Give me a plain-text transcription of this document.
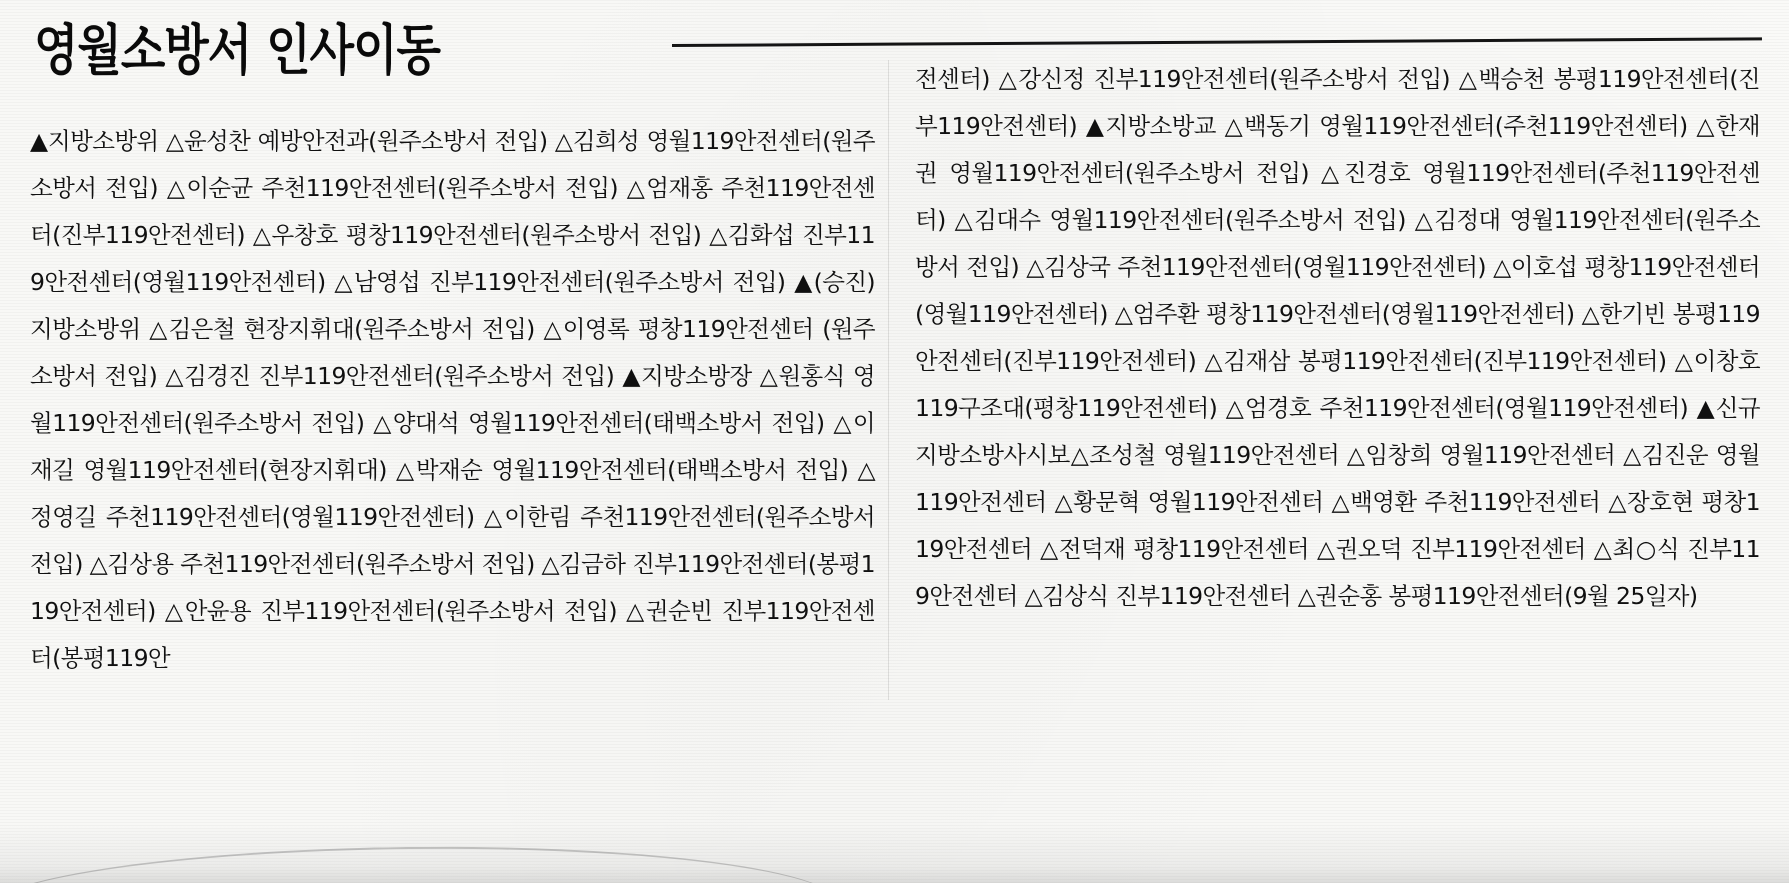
영월소방서 인사이동
▲지방소방위 △윤성찬 예방안전과(원주소방서 전입) △김희성 영월119안전센터(원주소방서 전입) △이순균 주천119안전센터(원주소방서 전입) △엄재홍 주천119안전센터(진부119안전센터) △우창호 평창119안전센터(원주소방서 전입) △김화섭 진부119안전센터(영월119안전센터) △남영섭 진부119안전센터(원주소방서 전입) ▲(승진)지방소방위 △김은철 현장지휘대(원주소방서 전입) △이영록 평창119안전센터 (원주소방서 전입) △김경진 진부119안전센터(원주소방서 전입) ▲지방소방장 △원홍식 영월119안전센터(원주소방서 전입) △양대석 영월119안전센터(태백소방서 전입) △이재길 영월119안전센터(현장지휘대) △박재순 영월119안전센터(태백소방서 전입) △정영길 주천119안전센터(영월119안전센터) △이한림 주천119안전센터(원주소방서 전입) △김상용 주천119안전센터(원주소방서 전입) △김금하 진부119안전센터(봉평119안전센터) △안윤용 진부119안전센터(원주소방서 전입) △권순빈 진부119안전센터(봉평119안
전센터) △강신정 진부119안전센터(원주소방서 전입) △백승천 봉평119안전센터(진부119안전센터) ▲지방소방교 △백동기 영월119안전센터(주천119안전센터) △한재권 영월119안전센터(원주소방서 전입) △진경호 영월119안전센터(주천119안전센터) △김대수 영월119안전센터(원주소방서 전입) △김정대 영월119안전센터(원주소방서 전입) △김상국 주천119안전센터(영월119안전센터) △이호섭 평창119안전센터(영월119안전센터) △엄주환 평창119안전센터(영월119안전센터) △한기빈 봉평119안전센터(진부119안전센터) △김재삼 봉평119안전센터(진부119안전센터) △이창호 119구조대(평창119안전센터) △엄경호 주천119안전센터(영월119안전센터) ▲신규 지방소방사시보△조성철 영월119안전센터 △임창희 영월119안전센터 △김진운 영월119안전센터 △황문혁 영월119안전센터 △백영환 주천119안전센터 △장호현 평창119안전센터 △전덕재 평창119안전센터 △권오덕 진부119안전센터 △최○식 진부119안전센터 △김상식 진부119안전센터 △권순홍 봉평119안전센터(9월 25일자)
